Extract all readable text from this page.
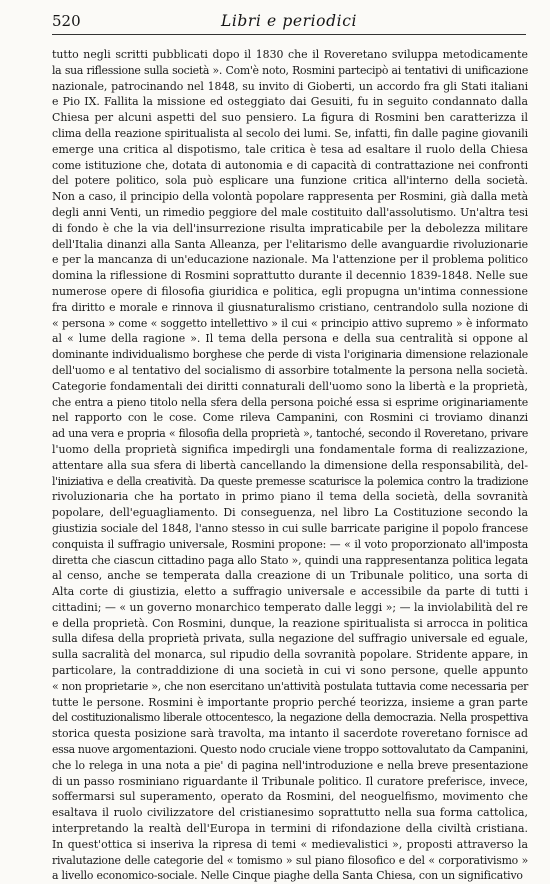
520	Libri e periodici
tutto negli scritti pubblicati dopo il 1830 che il Roveretano sviluppa metodicamente
la sua riflessione sulla società ». Com'è noto, Rosmini partecipò ai tentativi di unificazione
nazionale, patrocinando nel 1848, su invito di Gioberti, un accordo fra gli Stati italiani
e Pio IX. Fallita la missione ed osteggiato dai Gesuiti, fu in seguito condannato dalla
Chiesa per alcuni aspetti del suo pensiero. La figura di Rosmini ben caratterizza il
clima della reazione spiritualista al secolo dei lumi. Se, infatti, fin dalle pagine giovanili
emerge una critica al dispotismo, tale critica è tesa ad esaltare il ruolo della Chiesa
come istituzione che, dotata di autonomia e di capacità di contrattazione nei confronti
del potere politico, sola può esplicare una funzione critica all'interno della società.
Non a caso, il principio della volontà popolare rappresenta per Rosmini, già dalla metà
degli anni Venti, un rimedio peggiore del male costituito dall'assolutismo. Un'altra tesi
di fondo è che la via dell'insurrezione risulta impraticabile per la debolezza militare
dell'Italia dinanzi alla Santa Alleanza, per l'elitarismo delle avanguardie rivoluzionarie
e per la mancanza di un'educazione nazionale. Ma l'attenzione per il problema politico
domina la riflessione di Rosmini soprattutto durante il decennio 1839-1848. Nelle sue
numerose opere di filosofia giuridica e politica, egli propugna un'intima connessione
fra diritto e morale e rinnova il giusnaturalismo cristiano, centrandolo sulla nozione di
« persona » come « soggetto intellettivo » il cui « principio attivo supremo » è informato
al « lume della ragione ». Il tema della persona e della sua centralità si oppone al
dominante individualismo borghese che perde di vista l'originaria dimensione relazionale
dell'uomo e al tentativo del socialismo di assorbire totalmente la persona nella società.
Categorie fondamentali dei diritti connaturali dell'uomo sono la libertà e la proprietà,
che entra a pieno titolo nella sfera della persona poiché essa si esprime originariamente
nel rapporto con le cose. Come rileva Campanini, con Rosmini ci troviamo dinanzi
ad una vera e propria « filosofia della proprietà », tantoché, secondo il Roveretano, privare
l'uomo della proprietà significa impedirgli una fondamentale forma di realizzazione,
attentare alla sua sfera di libertà cancellando la dimensione della responsabilità, del-
l'iniziativa e della creatività. Da queste premesse scaturisce la polemica contro la tradizione
rivoluzionaria che ha portato in primo piano il tema della società, della sovranità
popolare, dell'eguagliamento. Di conseguenza, nel libro La Costituzione secondo la
giustizia sociale del 1848, l'anno stesso in cui sulle barricate parigine il popolo francese
conquista il suffragio universale, Rosmini propone: — « il voto proporzionato all'imposta
diretta che ciascun cittadino paga allo Stato », quindi una rappresentanza politica legata
al censo, anche se temperata dalla creazione di un Tribunale politico, una sorta di
Alta corte di giustizia, eletto a suffragio universale e accessibile da parte di tutti i
cittadini; — « un governo monarchico temperato dalle leggi »; — la inviolabilità del re
e della proprietà. Con Rosmini, dunque, la reazione spiritualista si arrocca in politica
sulla difesa della proprietà privata, sulla negazione del suffragio universale ed eguale,
sulla sacralità del monarca, sul ripudio della sovranità popolare. Stridente appare, in
particolare, la contraddizione di una società in cui vi sono persone, quelle appunto
« non proprietarie », che non esercitano un'attività postulata tuttavia come necessaria per
tutte le persone. Rosmini è importante proprio perché teorizza, insieme a gran parte
del costituzionalismo liberale ottocentesco, la negazione della democrazia. Nella prospettiva
storica questa posizione sarà travolta, ma intanto il sacerdote roveretano fornisce ad
essa nuove argomentazioni. Questo nodo cruciale viene troppo sottovalutato da Campanini,
che lo relega in una nota a pie' di pagina nell'introduzione e nella breve presentazione
di un passo rosminiano riguardante il Tribunale politico. Il curatore preferisce, invece,
soffermarsi sul superamento, operato da Rosmini, del neoguelfismo, movimento che
esaltava il ruolo civilizzatore del cristianesimo soprattutto nella sua forma cattolica,
interpretando la realtà dell'Europa in termini di rifondazione della civiltà cristiana.
In quest'ottica si inseriva la ripresa di temi « medievalistici », proposti attraverso la
rivalutazione delle categorie del « tomismo » sul piano filosofico e del « corporativismo »
a livello economico-sociale. Nelle Cinque piaghe della Santa Chiesa, con un significativo
